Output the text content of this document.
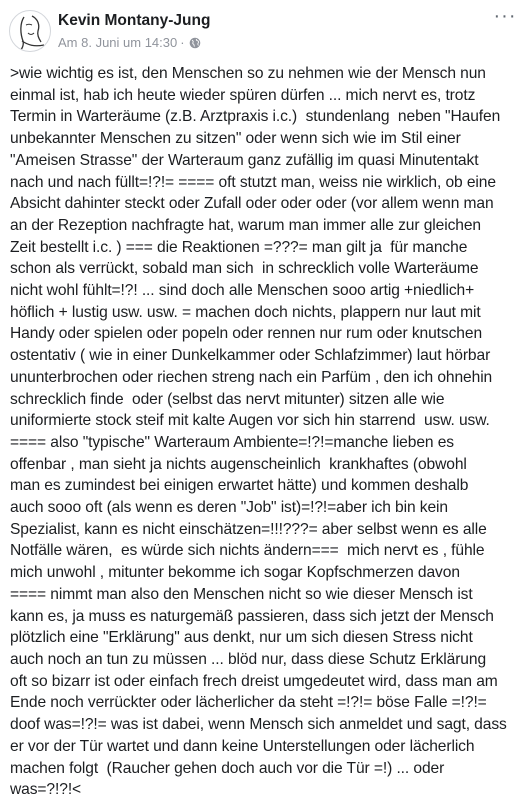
Kevin Montany-Jung
Am 8. Juni um 14:30 ·
···
>wie wichtig es ist, den Menschen so zu nehmen wie der Mensch nun
einmal ist, hab ich heute wieder spüren dürfen ... mich nervt es, trotz
Termin in Warteräume (z.B. Arztpraxis i.c.)  stundenlang  neben "Haufen
unbekannter Menschen zu sitzen" oder wenn sich wie im Stil einer
"Ameisen Strasse" der Warteraum ganz zufällig im quasi Minutentakt
nach und nach füllt=!?!= ==== oft stutzt man, weiss nie wirklich, ob eine
Absicht dahinter steckt oder Zufall oder oder oder (vor allem wenn man
an der Rezeption nachfragte hat, warum man immer alle zur gleichen
Zeit bestellt i.c. ) === die Reaktionen =???= man gilt ja  für manche
schon als verrückt, sobald man sich  in schrecklich volle Warteräume
nicht wohl fühlt=!?! ... sind doch alle Menschen sooo artig +niedlich+
höflich + lustig usw. usw. = machen doch nichts, plappern nur laut mit
Handy oder spielen oder popeln oder rennen nur rum oder knutschen
ostentativ ( wie in einer Dunkelkammer oder Schlafzimmer) laut hörbar
ununterbrochen oder riechen streng nach ein Parfüm , den ich ohnehin
schrecklich finde  oder (selbst das nervt mitunter) sitzen alle wie
uniformierte stock steif mit kalte Augen vor sich hin starrend  usw. usw.
==== also "typische" Warteraum Ambiente=!?!=manche lieben es
offenbar , man sieht ja nichts augenscheinlich  krankhaftes (obwohl
man es zumindest bei einigen erwartet hätte) und kommen deshalb
auch sooo oft (als wenn es deren "Job" ist)=!?!=aber ich bin kein
Spezialist, kann es nicht einschätzen=!!!???= aber selbst wenn es alle
Notfälle wären,  es würde sich nichts ändern===  mich nervt es , fühle
mich unwohl , mitunter bekomme ich sogar Kopfschmerzen davon
==== nimmt man also den Menschen nicht so wie dieser Mensch ist
kann es, ja muss es naturgemäß passieren, dass sich jetzt der Mensch
plötzlich eine "Erklärung" aus denkt, nur um sich diesen Stress nicht
auch noch an tun zu müssen ... blöd nur, dass diese Schutz Erklärung
oft so bizarr ist oder einfach frech dreist umgedeutet wird, dass man am
Ende noch verrückter oder lächerlicher da steht =!?!= böse Falle =!?!=
doof was=!?!= was ist dabei, wenn Mensch sich anmeldet und sagt, dass
er vor der Tür wartet und dann keine Unterstellungen oder lächerlich
machen folgt  (Raucher gehen doch auch vor die Tür =!) ... oder
was=?!?!<
